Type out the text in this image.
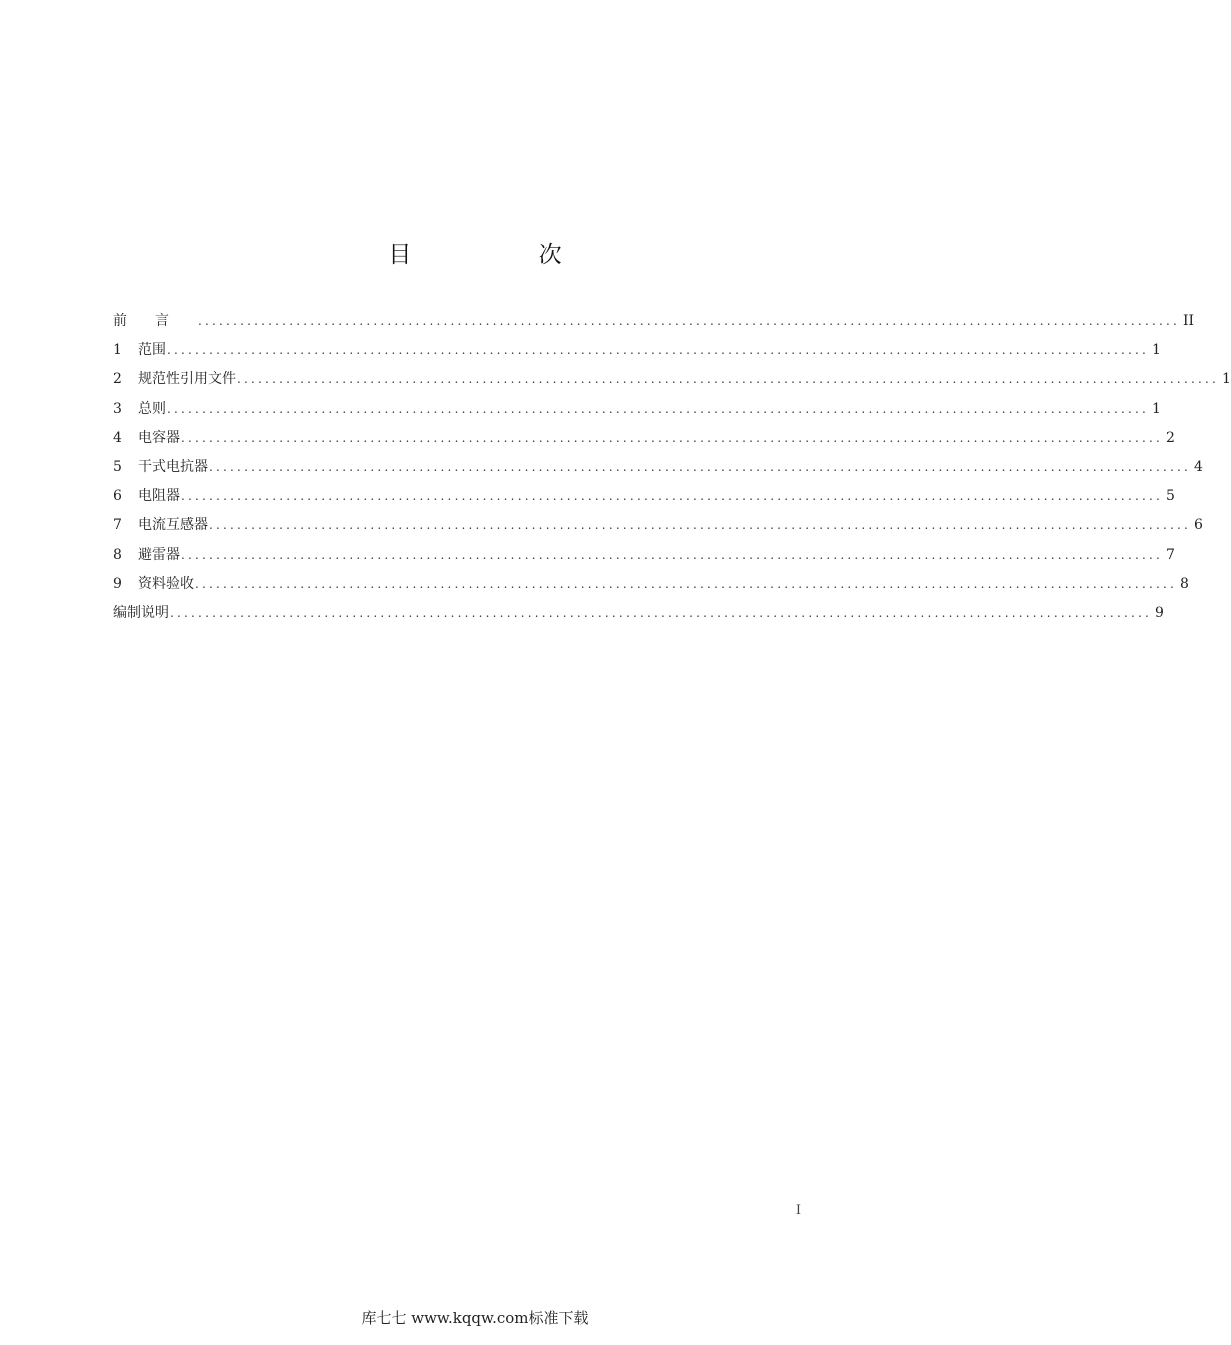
目 次
前言 ............................................................................................................................................ II
1	范围 ............................................................................................................................................ 1
2	规范性引用文件 ............................................................................................................................................ 1
3	总则 ............................................................................................................................................ 1
4	电容器 ............................................................................................................................................ 2
5	干式电抗器 ............................................................................................................................................ 4
6	电阻器 ............................................................................................................................................ 5
7	电流互感器 ............................................................................................................................................ 6
8	避雷器 ............................................................................................................................................ 7
9	资料验收 ............................................................................................................................................ 8
编制说明 ............................................................................................................................................ 9
I
库七七 www.kqqw.com标准下载
